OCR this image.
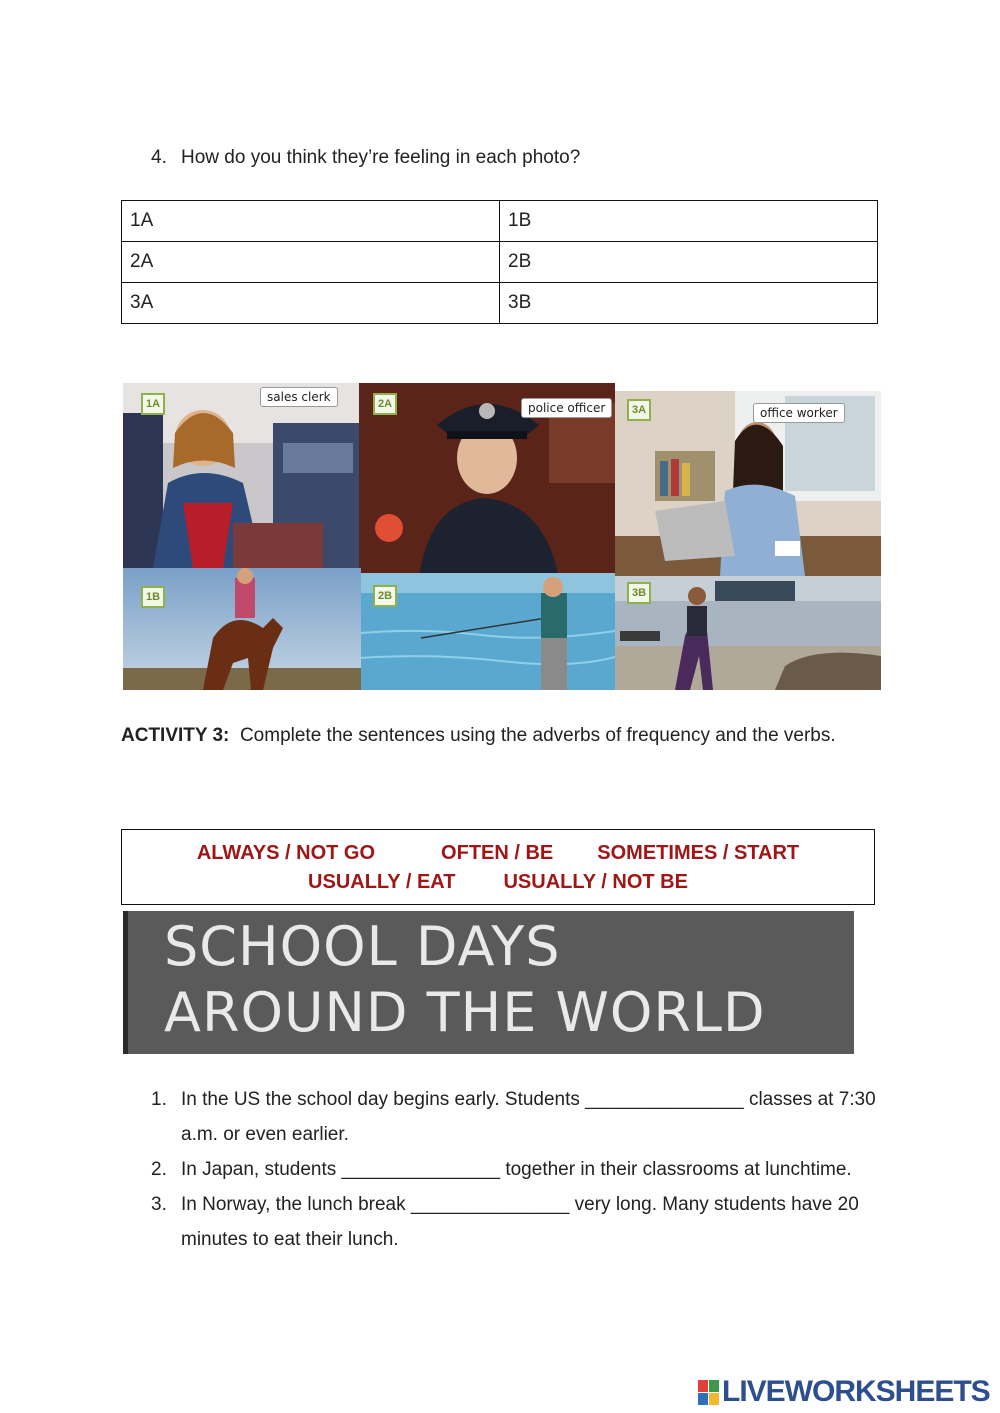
4. How do you think they’re feeling in each photo?
1A	1B
2A	2B
3A	3B
1A	sales clerk	2A	police officer	3A	office worker
1B	2B	3B
ACTIVITY 3: Complete the sentences using the adverbs of frequency and the verbs.
ALWAYS / NOT GO	OFTEN / BE SOMETIMES / START
USUALLY / EAT USUALLY / NOT BE
SCHOOL DAYS
AROUND THE WORLD
1. In the US the school day begins early. Students _______________ classes at 7:30 a.m. or even earlier.
2. In Japan, students _______________ together in their classrooms at lunchtime.
3. In Norway, the lunch break _______________ very long. Many students have 20 minutes to eat their lunch.
LIVEWORKSHEETS
